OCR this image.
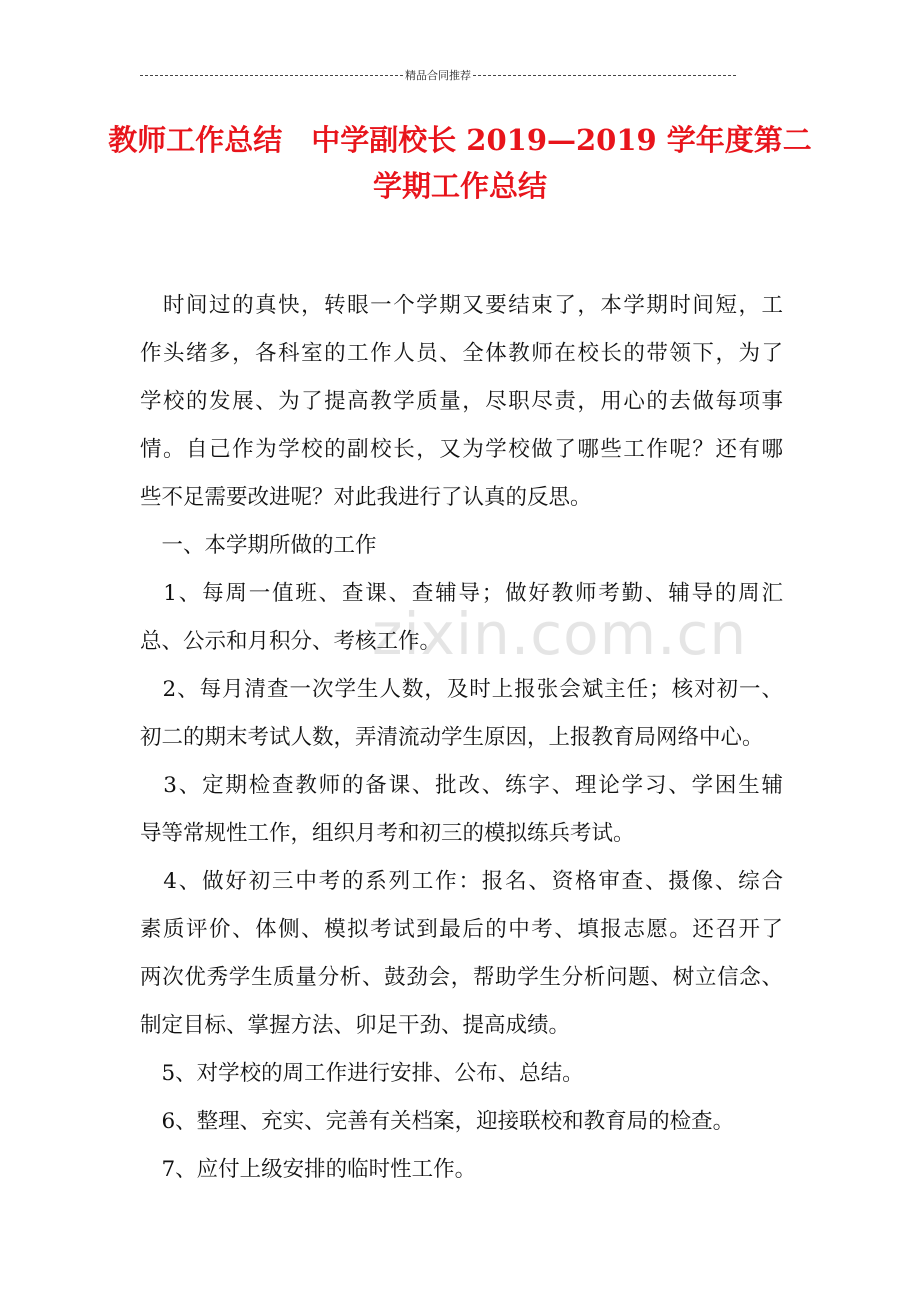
精品合同推荐
教师工作总结　中学副校长 2019—2019 学年度第二
学期工作总结
zixin.com.cn
　时间过的真快，转眼一个学期又要结束了，本学期时间短，工
作头绪多，各科室的工作人员、全体教师在校长的带领下，为了
学校的发展、为了提高教学质量，尽职尽责，用心的去做每项事
情。自己作为学校的副校长，又为学校做了哪些工作呢？还有哪
些不足需要改进呢？对此我进行了认真的反思。
　一、本学期所做的工作
　1、每周一值班、查课、查辅导；做好教师考勤、辅导的周汇
总、公示和月积分、考核工作。
　2、每月清查一次学生人数，及时上报张会斌主任；核对初一、
初二的期末考试人数，弄清流动学生原因，上报教育局网络中心。
　3、定期检查教师的备课、批改、练字、理论学习、学困生辅
导等常规性工作，组织月考和初三的模拟练兵考试。
　4、做好初三中考的系列工作：报名、资格审查、摄像、综合
素质评价、体侧、模拟考试到最后的中考、填报志愿。还召开了
两次优秀学生质量分析、鼓劲会，帮助学生分析问题、树立信念、
制定目标、掌握方法、卯足干劲、提高成绩。
　5、对学校的周工作进行安排、公布、总结。
　6、整理、充实、完善有关档案，迎接联校和教育局的检查。
　7、应付上级安排的临时性工作。
